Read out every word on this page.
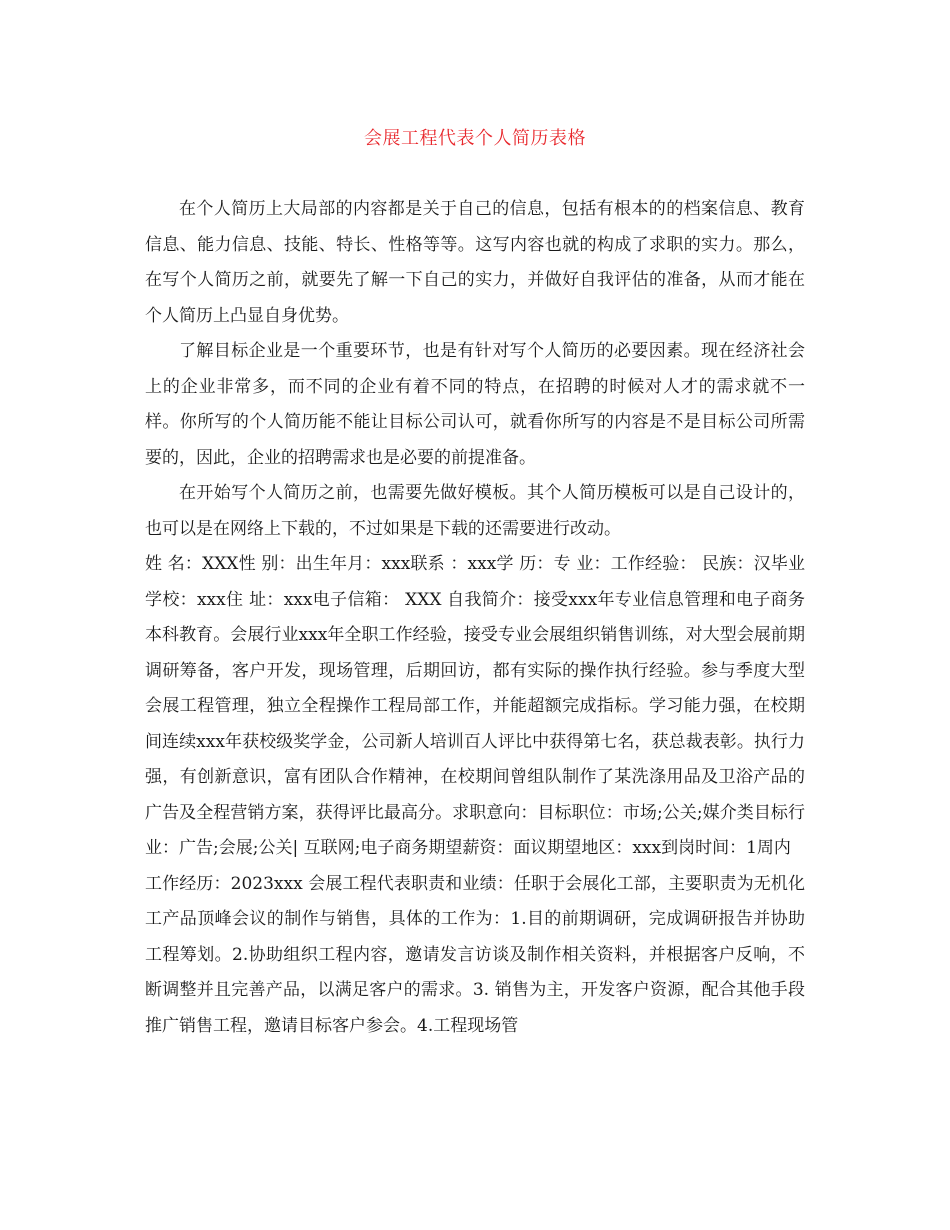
会展工程代表个人简历表格

在个人简历上大局部的内容都是关于自己的信息，包括有根本的的档案信息、教育信息、能力信息、技能、特长、性格等等。这写内容也就的构成了求职的实力。那么，在写个人简历之前，就要先了解一下自己的实力，并做好自我评估的准备，从而才能在个人简历上凸显自身优势。

了解目标企业是一个重要环节，也是有针对写个人简历的必要因素。现在经济社会上的企业非常多，而不同的企业有着不同的特点，在招聘的时候对人才的需求就不一样。你所写的个人简历能不能让目标公司认可，就看你所写的内容是不是目标公司所需要的，因此，企业的招聘需求也是必要的前提准备。

在开始写个人简历之前，也需要先做好模板。其个人简历模板可以是自己设计的，也可以是在网络上下载的，不过如果是下载的还需要进行改动。

姓 名：XXX性 别：出生年月：xxx联系 ：xxx学 历：专 业：工作经验： 民族：汉毕业学校：xxx住 址：xxx电子信箱： XXX 自我简介：接受xxx年专业信息管理和电子商务本科教育。会展行业xxx年全职工作经验，接受专业会展组织销售训练，对大型会展前期调研筹备，客户开发，现场管理，后期回访，都有实际的操作执行经验。参与季度大型会展工程管理，独立全程操作工程局部工作，并能超额完成指标。学习能力强，在校期间连续xxx年获校级奖学金，公司新人培训百人评比中获得第七名，获总裁表彰。执行力强，有创新意识，富有团队合作精神，在校期间曾组队制作了某洗涤用品及卫浴产品的广告及全程营销方案，获得评比最高分。求职意向：目标职位：市场;公关;媒介类目标行业：广告;会展;公关| 互联网;电子商务期望薪资：面议期望地区：xxx到岗时间：1周内

工作经历：2023xxx 会展工程代表职责和业绩：任职于会展化工部，主要职责为无机化工产品顶峰会议的制作与销售，具体的工作为：1.目的前期调研，完成调研报告并协助工程筹划。2.协助组织工程内容，邀请发言访谈及制作相关资料，并根据客户反响，不断调整并且完善产品，以满足客户的需求。3. 销售为主，开发客户资源，配合其他手段推广销售工程，邀请目标客户参会。4.工程现场管
